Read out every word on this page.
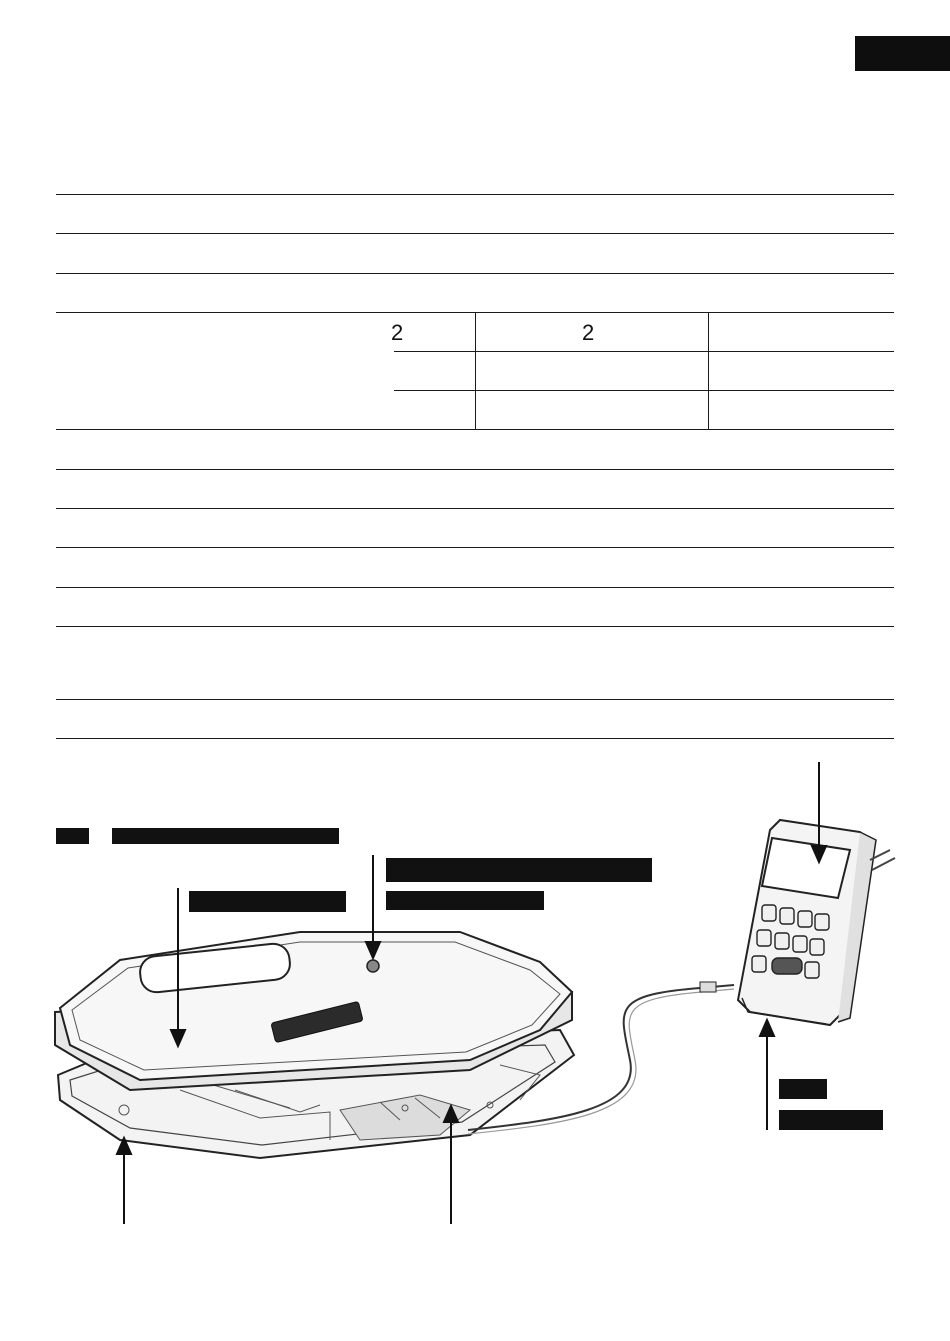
2	2
